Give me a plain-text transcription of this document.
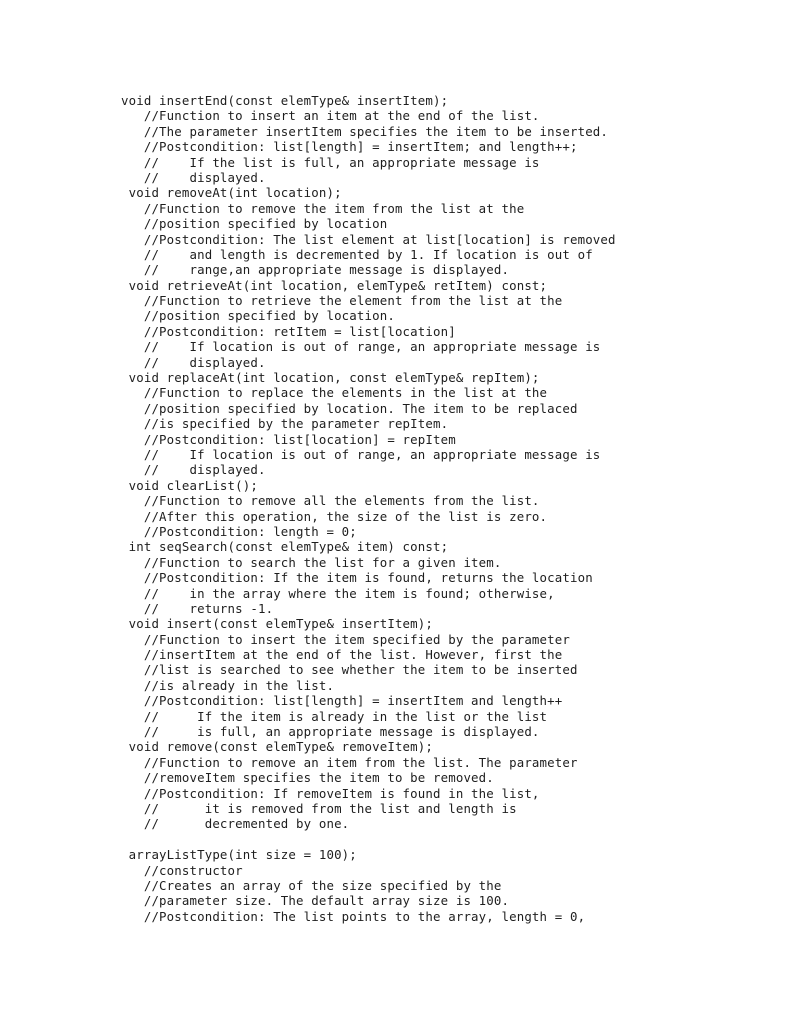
void insertEnd(const elemType& insertItem);
//Function to insert an item at the end of the list.
//The parameter insertItem specifies the item to be inserted.
//Postcondition: list[length] = insertItem; and length++;
//    If the list is full, an appropriate message is
//    displayed.
void removeAt(int location);
//Function to remove the item from the list at the
//position specified by location
//Postcondition: The list element at list[location] is removed
//    and length is decremented by 1. If location is out of
//    range,an appropriate message is displayed.
void retrieveAt(int location, elemType& retItem) const;
//Function to retrieve the element from the list at the
//position specified by location.
//Postcondition: retItem = list[location]
//    If location is out of range, an appropriate message is
//    displayed.
void replaceAt(int location, const elemType& repItem);
//Function to replace the elements in the list at the
//position specified by location. The item to be replaced
//is specified by the parameter repItem.
//Postcondition: list[location] = repItem
//    If location is out of range, an appropriate message is
//    displayed.
void clearList();
//Function to remove all the elements from the list.
//After this operation, the size of the list is zero.
//Postcondition: length = 0;
int seqSearch(const elemType& item) const;
//Function to search the list for a given item.
//Postcondition: If the item is found, returns the location
//    in the array where the item is found; otherwise,
//    returns -1.
void insert(const elemType& insertItem);
//Function to insert the item specified by the parameter
//insertItem at the end of the list. However, first the
//list is searched to see whether the item to be inserted
//is already in the list.
//Postcondition: list[length] = insertItem and length++
//     If the item is already in the list or the list
//     is full, an appropriate message is displayed.
void remove(const elemType& removeItem);
//Function to remove an item from the list. The parameter
//removeItem specifies the item to be removed.
//Postcondition: If removeItem is found in the list,
//      it is removed from the list and length is
//      decremented by one.
arrayListType(int size = 100);
//constructor
//Creates an array of the size specified by the
//parameter size. The default array size is 100.
//Postcondition: The list points to the array, length = 0,
